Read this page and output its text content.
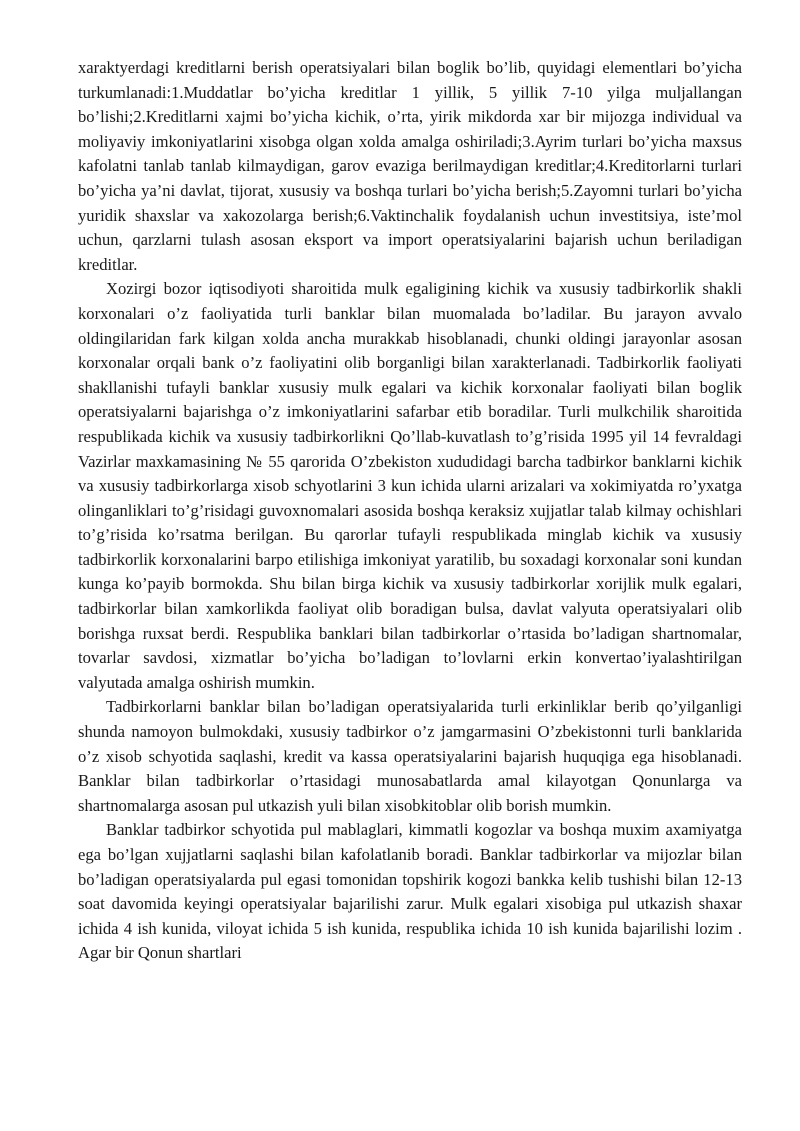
xaraktyerdagi kreditlarni berish operatsiyalari bilan boglik bo’lib, quyidagi elementlari bo’yicha turkumlanadi:1.Muddatlar bo’yicha kreditlar 1 yillik, 5 yillik 7-10 yilga muljallangan bo’lishi;2.Kreditlarni xajmi bo’yicha kichik, o’rta, yirik mikdorda xar bir mijozga individual va moliyaviy imkoniyatlarini xisobga olgan xolda amalga oshiriladi;3.Ayrim turlari bo’yicha maxsus kafolatni tanlab tanlab kilmaydigan, garov evaziga berilmaydigan kreditlar;4.Kreditorlarni turlari bo’yicha ya’ni davlat, tijorat, xususiy va boshqa turlari bo’yicha berish;5.Zayomni turlari bo’yicha yuridik shaxslar va xakozolarga berish;6.Vaktinchalik foydalanish uchun investitsiya, iste’mol uchun, qarzlarni tulash asosan eksport va import operatsiyalarini bajarish uchun beriladigan kreditlar.

Xozirgi bozor iqtisodiyoti sharoitida mulk egaligining kichik va xususiy tadbirkorlik shakli korxonalari o’z faoliyatida turli banklar bilan muomalada bo’ladilar. Bu jarayon avvalo oldingilaridan fark kilgan xolda ancha murakkab hisoblanadi, chunki oldingi jarayonlar asosan korxonalar orqali bank o’z faoliyatini olib borganligi bilan xarakterlanadi. Tadbirkorlik faoliyati shakllanishi tufayli banklar xususiy mulk egalari va kichik korxonalar faoliyati bilan boglik operatsiyalarni bajarishga o’z imkoniyatlarini safarbar etib boradilar. Turli mulkchilik sharoitida respublikada kichik va xususiy tadbirkorlikni Qo’llab-kuvatlash to’g’risida 1995 yil 14 fevraldagi Vazirlar maxkamasining № 55 qarorida O’zbekiston xududidagi barcha tadbirkor banklarni kichik va xususiy tadbirkorlarga xisob schyotlarini 3 kun ichida ularni arizalari va xokimiyatda ro’yxatga olinganliklari to’g’risidagi guvoxnomalari asosida boshqa keraksiz xujjatlar talab kilmay ochishlari to’g’risida ko’rsatma berilgan. Bu qarorlar tufayli respublikada minglab kichik va xususiy tadbirkorlik korxonalarini barpo etilishiga imkoniyat yaratilib, bu soxadagi korxonalar soni kundan kunga ko’payib bormokda. Shu bilan birga kichik va xususiy tadbirkorlar xorijlik mulk egalari, tadbirkorlar bilan xamkorlikda faoliyat olib boradigan bulsa, davlat valyuta operatsiyalari olib borishga ruxsat berdi. Respublika banklari bilan tadbirkorlar o’rtasida bo’ladigan shartnomalar, tovarlar savdosi, xizmatlar bo’yicha bo’ladigan to’lovlarni erkin konvertao’iyalashtirilgan valyutada amalga oshirish mumkin.

Tadbirkorlarni banklar bilan bo’ladigan operatsiyalarida turli erkinliklar berib qo’yilganligi shunda namoyon bulmokdaki, xususiy tadbirkor o’z jamgarmasini O’zbekistonni turli banklarida o’z xisob schyotida saqlashi, kredit va kassa operatsiyalarini bajarish huquqiga ega hisoblanadi. Banklar bilan tadbirkorlar o’rtasidagi munosabatlarda amal kilayotgan Qonunlarga va shartnomalarga asosan pul utkazish yuli bilan xisobkitoblar olib borish mumkin.

Banklar tadbirkor schyotida pul mablaglari, kimmatli kogozlar va boshqa muxim axamiyatga ega bo’lgan xujjatlarni saqlashi bilan kafolatlanib boradi. Banklar tadbirkorlar va mijozlar bilan bo’ladigan operatsiyalarda pul egasi tomonidan topshirik kogozi bankka kelib tushishi bilan 12-13 soat davomida keyingi operatsiyalar bajarilishi zarur. Mulk egalari xisobiga pul utkazish shaxar ichida 4 ish kunida, viloyat ichida 5 ish kunida, respublika ichida 10 ish kunida bajarilishi lozim . Agar bir Qonun shartlari
